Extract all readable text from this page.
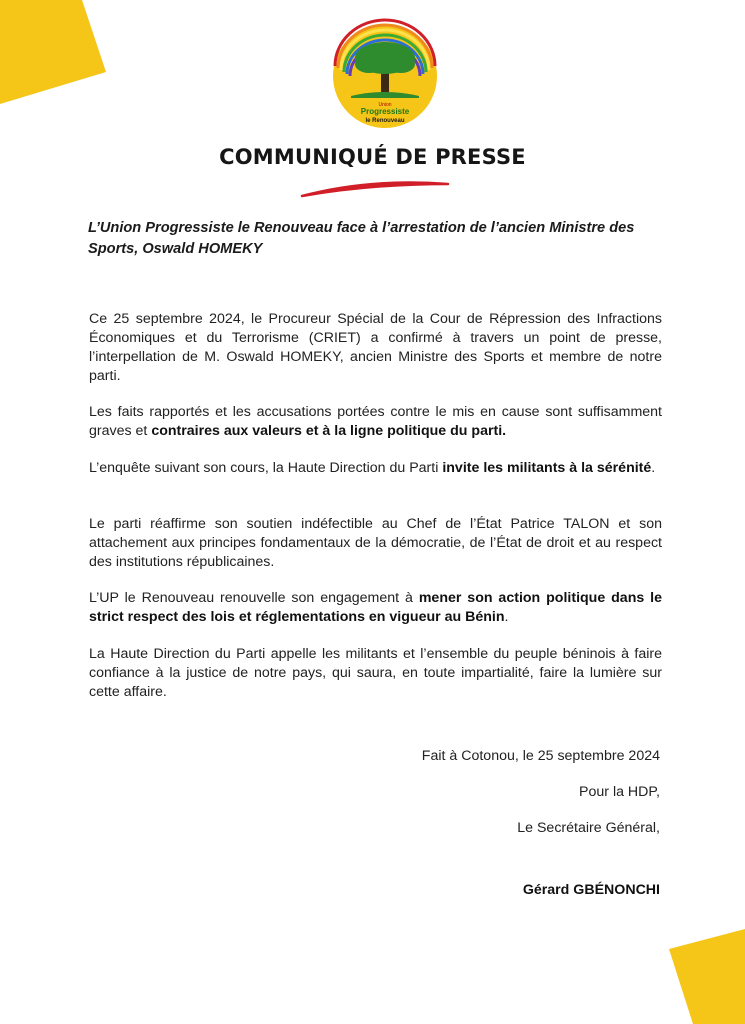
Union
Progressiste
le Renouveau
COMMUNIQUÉ DE PRESSE
L’Union Progressiste le Renouveau face à l’arrestation de l’ancien Ministre des Sports, Oswald HOMEKY

Ce 25 septembre 2024, le Procureur Spécial de la Cour de Répression des Infractions Économiques et du Terrorisme (CRIET) a confirmé à travers un point de presse, l’interpellation de M. Oswald HOMEKY, ancien Ministre des Sports et membre de notre parti.

Les faits rapportés et les accusations portées contre le mis en cause sont suffisamment graves et contraires aux valeurs et à la ligne politique du parti.

L’enquête suivant son cours, la Haute Direction du Parti invite les militants à la sérénité.

Le parti réaffirme son soutien indéfectible au Chef de l’État Patrice TALON et son attachement aux principes fondamentaux de la démocratie, de l’État de droit et au respect des institutions républicaines.

L’UP le Renouveau renouvelle son engagement à mener son action politique dans le strict respect des lois et réglementations en vigueur au Bénin.

La Haute Direction du Parti appelle les militants et l’ensemble du peuple béninois à faire confiance à la justice de notre pays, qui saura, en toute impartialité, faire la lumière sur cette affaire.

Fait à Cotonou, le 25 septembre 2024
Pour la HDP,
Le Secrétaire Général,
Gérard GBÉNONCHI
